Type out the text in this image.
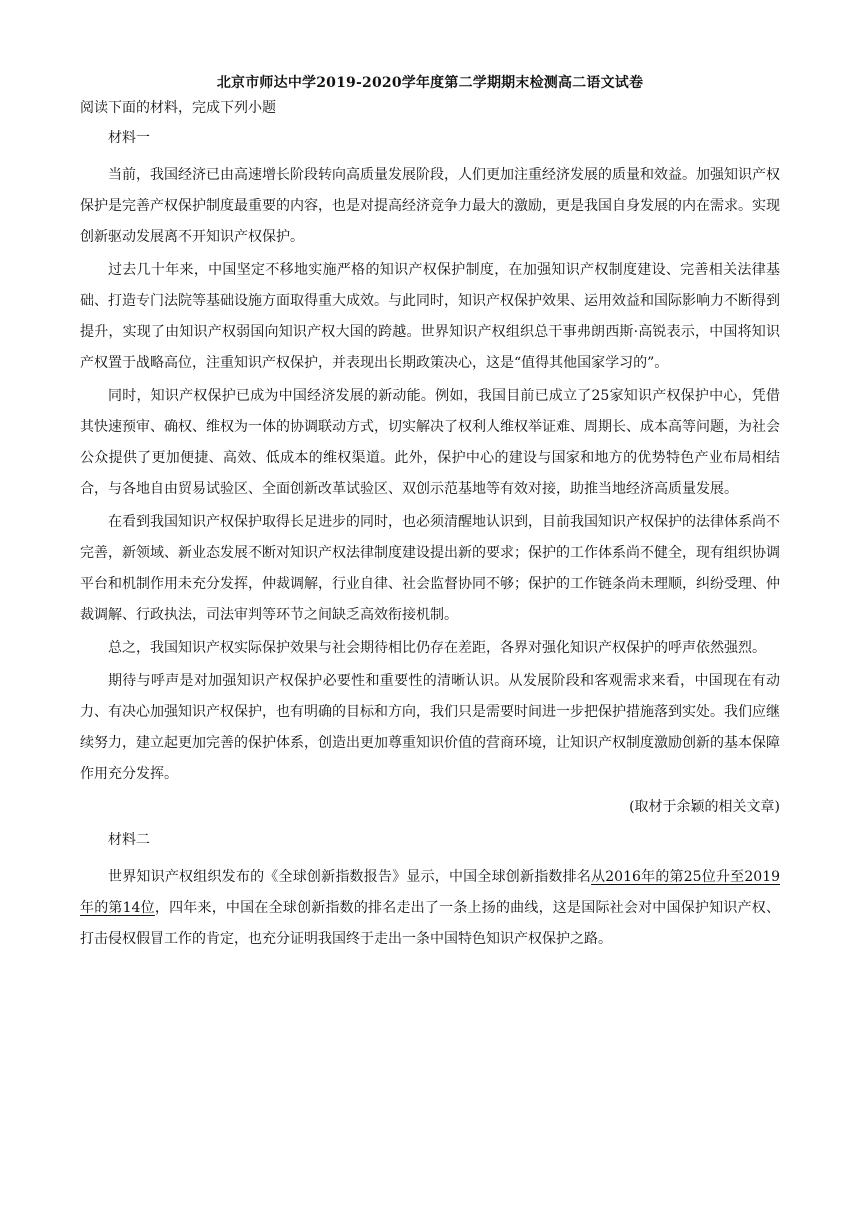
北京市师达中学2019-2020学年度第二学期期末检测高二语文试卷
阅读下面的材料，完成下列小题
材料一

当前，我国经济已由高速增长阶段转向高质量发展阶段，人们更加注重经济发展的质量和效益。加强知识产权保护是完善产权保护制度最重要的内容，也是对提高经济竞争力最大的激励，更是我国自身发展的内在需求。实现创新驱动发展离不开知识产权保护。

过去几十年来，中国坚定不移地实施严格的知识产权保护制度，在加强知识产权制度建设、完善相关法律基础、打造专门法院等基础设施方面取得重大成效。与此同时，知识产权保护效果、运用效益和国际影响力不断得到提升，实现了由知识产权弱国向知识产权大国的跨越。世界知识产权组织总干事弗朗西斯·高锐表示，中国将知识产权置于战略高位，注重知识产权保护，并表现出长期政策决心，这是“值得其他国家学习的”。

同时，知识产权保护已成为中国经济发展的新动能。例如，我国目前已成立了25家知识产权保护中心，凭借其快速预审、确权、维权为一体的协调联动方式，切实解决了权利人维权举证难、周期长、成本高等问题，为社会公众提供了更加便捷、高效、低成本的维权渠道。此外，保护中心的建设与国家和地方的优势特色产业布局相结合，与各地自由贸易试验区、全面创新改革试验区、双创示范基地等有效对接，助推当地经济高质量发展。

在看到我国知识产权保护取得长足进步的同时，也必须清醒地认识到，目前我国知识产权保护的法律体系尚不完善，新领域、新业态发展不断对知识产权法律制度建设提出新的要求；保护的工作体系尚不健全，现有组织协调平台和机制作用未充分发挥，仲裁调解，行业自律、社会监督协同不够；保护的工作链条尚未理顺，纠纷受理、仲裁调解、行政执法，司法审判等环节之间缺乏高效衔接机制。

总之，我国知识产权实际保护效果与社会期待相比仍存在差距，各界对强化知识产权保护的呼声依然强烈。

期待与呼声是对加强知识产权保护必要性和重要性的清晰认识。从发展阶段和客观需求来看，中国现在有动力、有决心加强知识产权保护，也有明确的目标和方向，我们只是需要时间进一步把保护措施落到实处。我们应继续努力，建立起更加完善的保护体系，创造出更加尊重知识价值的营商环境，让知识产权制度激励创新的基本保障作用充分发挥。

(取材于余颖的相关文章)
材料二

世界知识产权组织发布的《全球创新指数报告》显示，中国全球创新指数排名从2016年的第25位升至2019年的第14位，四年来，中国在全球创新指数的排名走出了一条上扬的曲线，这是国际社会对中国保护知识产权、打击侵权假冒工作的肯定，也充分证明我国终于走出一条中国特色知识产权保护之路。
